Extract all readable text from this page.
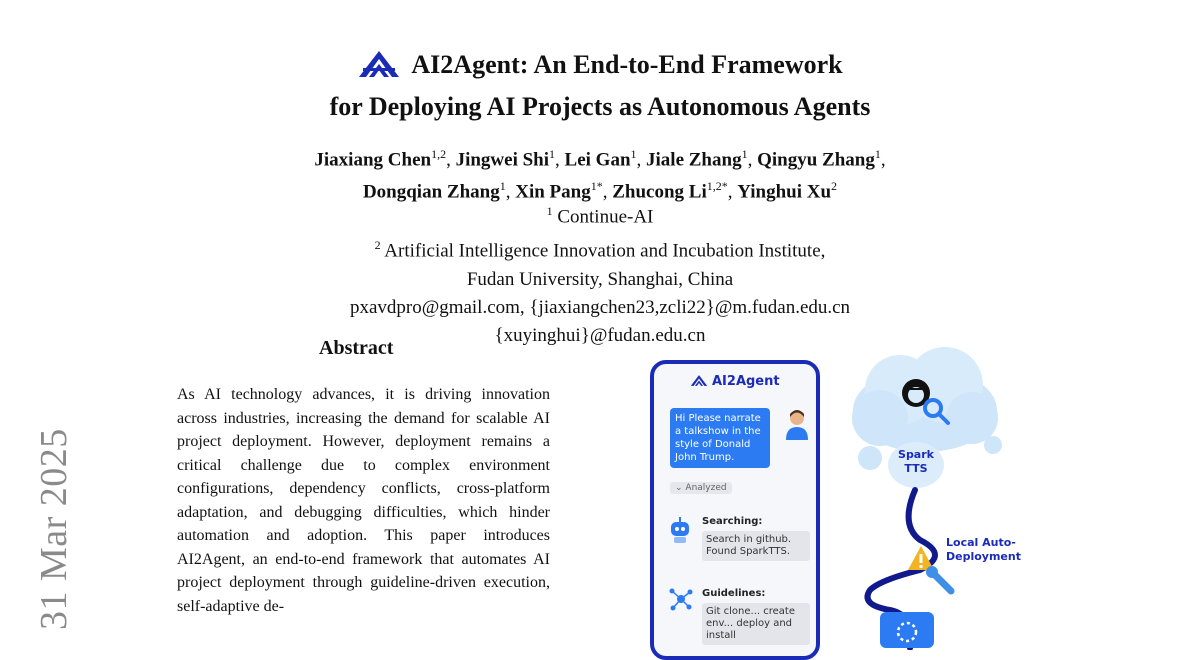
31 Mar 2025
AI2Agent: An End-to-End Framework
for Deploying AI Projects as Autonomous Agents
Jiaxiang Chen$^{1,2}$, Jingwei Shi$^1$, Lei Gan$^1$, Jiale Zhang$^1$, Qingyu Zhang$^1$,
Dongqian Zhang$^1$, Xin Pang$^{1*}$, Zhucong $Li^{1,2*}$, Yinghui Xu$^2$
$^1$ Continue-AI
$^2$ Artificial Intelligence Innovation and Incubation Institute,
Fudan University, Shanghai, China
pxavdpro@gmail.com, {jiaxiangchen23,zcli22}@m.fudan.edu.cn
{xuyinghui}@fudan.edu.cn
Abstract
As AI technology advances, it is driving innovation across industries, increasing the demand for scalable AI project deployment. However, deployment remains a critical challenge due to complex environment configurations, dependency conflicts, cross-platform adaptation, and debugging difficulties, which hinder automation and adoption. This paper introduces AI2Agent, an end-to-end framework that automates AI project deployment through guideline-driven execution, self-adaptive de-
AI2Agent
Hi Please narrate a talkshow in the style of Donald John Trump.
⌄ Analyzed
Searching:
Search in github. Found SparkTTS.
Guidelines:
Git clone... create env... deploy and install
Spark TTS
Local Auto-
Deployment
